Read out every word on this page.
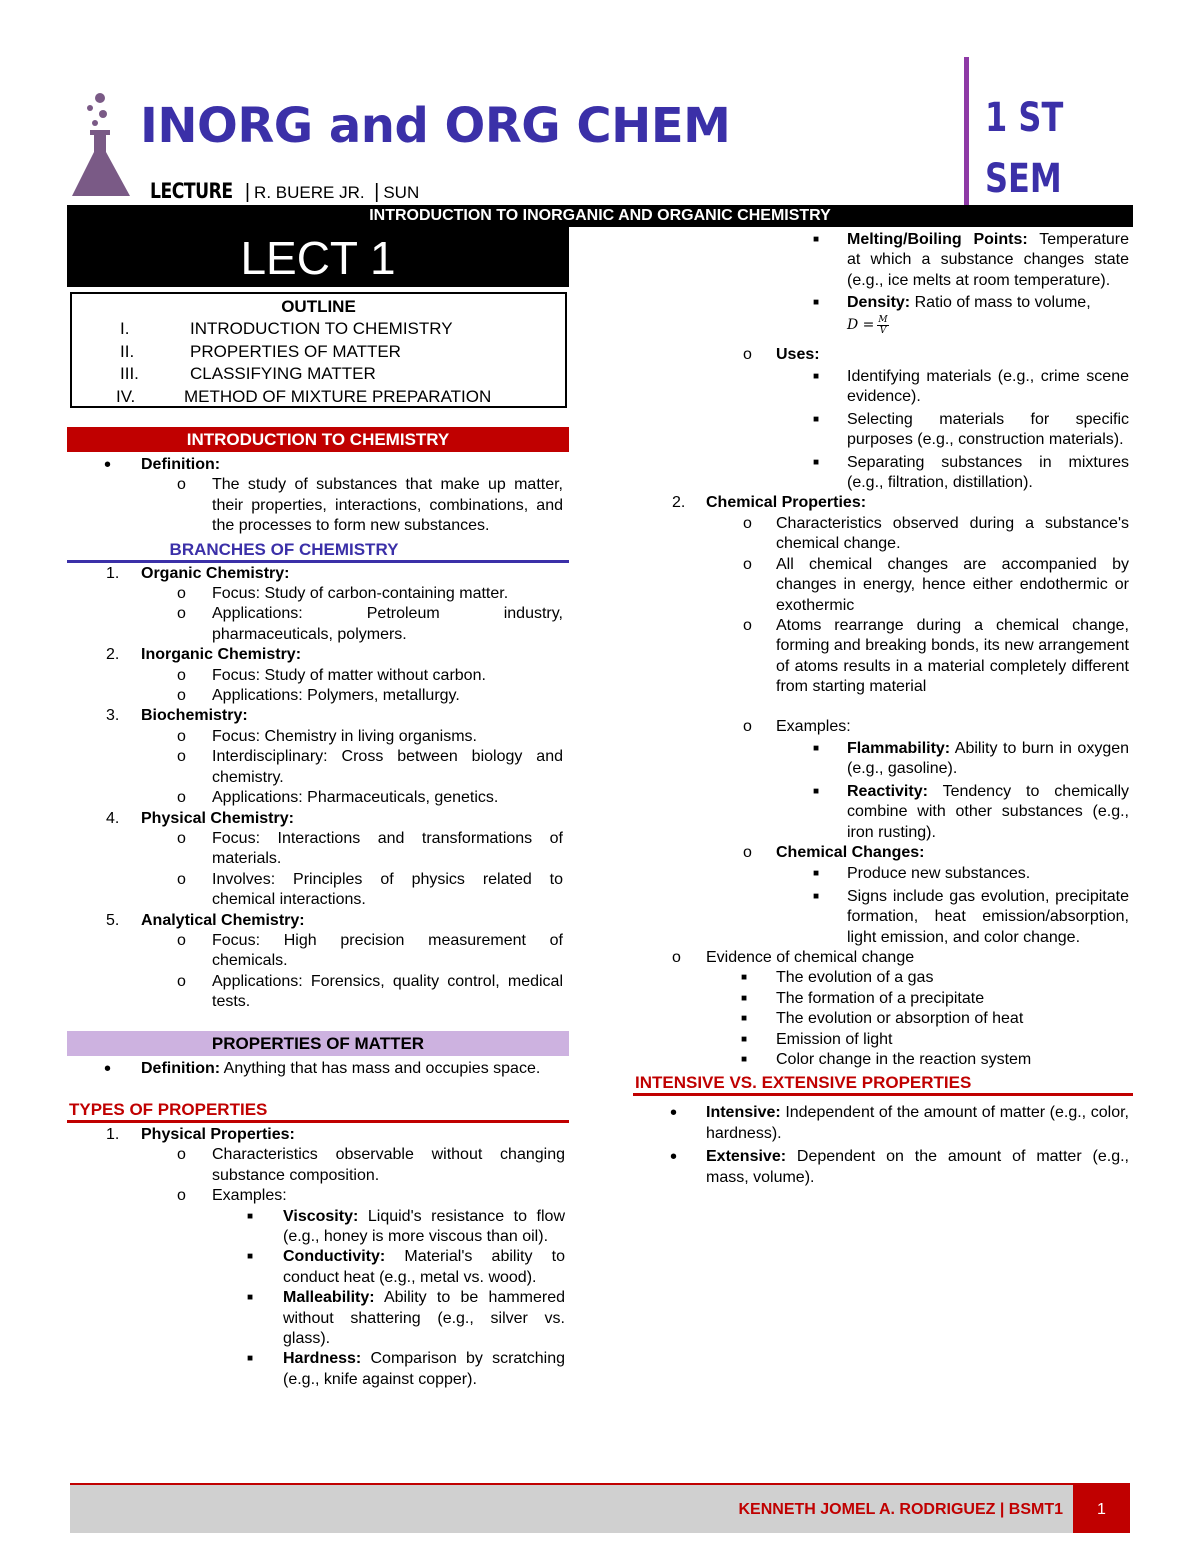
INORG and ORG CHEM
LECTURE | R. BUERE JR. | SUN
1 ST
SEM
INTRODUCTION TO INORGANIC AND ORGANIC CHEMISTRY
LECT 1
OUTLINE
I.	INTRODUCTION TO CHEMISTRY
II.	PROPERTIES OF MATTER
III.	CLASSIFYING MATTER
IV.	METHOD OF MIXTURE PREPARATION
INTRODUCTION TO CHEMISTRY
• Definition:
o The study of substances that make up matter, their properties, interactions, combinations, and the processes to form new substances.
BRANCHES OF CHEMISTRY
1. Organic Chemistry:
o Focus: Study of carbon-containing matter.
o Applications: Petroleum industry, pharmaceuticals, polymers.
2. Inorganic Chemistry:
o Focus: Study of matter without carbon.
o Applications: Polymers, metallurgy.
3. Biochemistry:
o Focus: Chemistry in living organisms.
o Interdisciplinary: Cross between biology and chemistry.
o Applications: Pharmaceuticals, genetics.
4. Physical Chemistry:
o Focus: Interactions and transformations of materials.
o Involves: Principles of physics related to chemical interactions.
5. Analytical Chemistry:
o Focus: High precision measurement of chemicals.
o Applications: Forensics, quality control, medical tests.
PROPERTIES OF MATTER
• Definition: Anything that has mass and occupies space.
TYPES OF PROPERTIES
1. Physical Properties:
o Characteristics observable without changing substance composition.
o Examples:
■ Viscosity: Liquid's resistance to flow (e.g., honey is more viscous than oil).
■ Conductivity: Material's ability to conduct heat (e.g., metal vs. wood).
■ Malleability: Ability to be hammered without shattering (e.g., silver vs. glass).
■ Hardness: Comparison by scratching (e.g., knife against copper).
■ Melting/Boiling Points: Temperature at which a substance changes state (e.g., ice melts at room temperature).
■ Density: Ratio of mass to volume,
$D = \frac{M}{V}$
o Uses:
■ Identifying materials (e.g., crime scene evidence).
■ Selecting materials for specific purposes (e.g., construction materials).
■ Separating substances in mixtures (e.g., filtration, distillation).
2. Chemical Properties:
o Characteristics observed during a substance's chemical change.
o All chemical changes are accompanied by changes in energy, hence either endothermic or exothermic
o Atoms rearrange during a chemical change, forming and breaking bonds, its new arrangement of atoms results in a material completely different from starting material
o Examples:
■ Flammability: Ability to burn in oxygen (e.g., gasoline).
■ Reactivity: Tendency to chemically combine with other substances (e.g., iron rusting).
o Chemical Changes:
■ Produce new substances.
■ Signs include gas evolution, precipitate formation, heat emission/absorption, light emission, and color change.
o Evidence of chemical change
■ The evolution of a gas
■ The formation of a precipitate
■ The evolution or absorption of heat
■ Emission of light
■ Color change in the reaction system
INTENSIVE VS. EXTENSIVE PROPERTIES
• Intensive: Independent of the amount of matter (e.g., color, hardness).
• Extensive: Dependent on the amount of matter (e.g., mass, volume).
KENNETH JOMEL A. RODRIGUEZ | BSMT1	1
